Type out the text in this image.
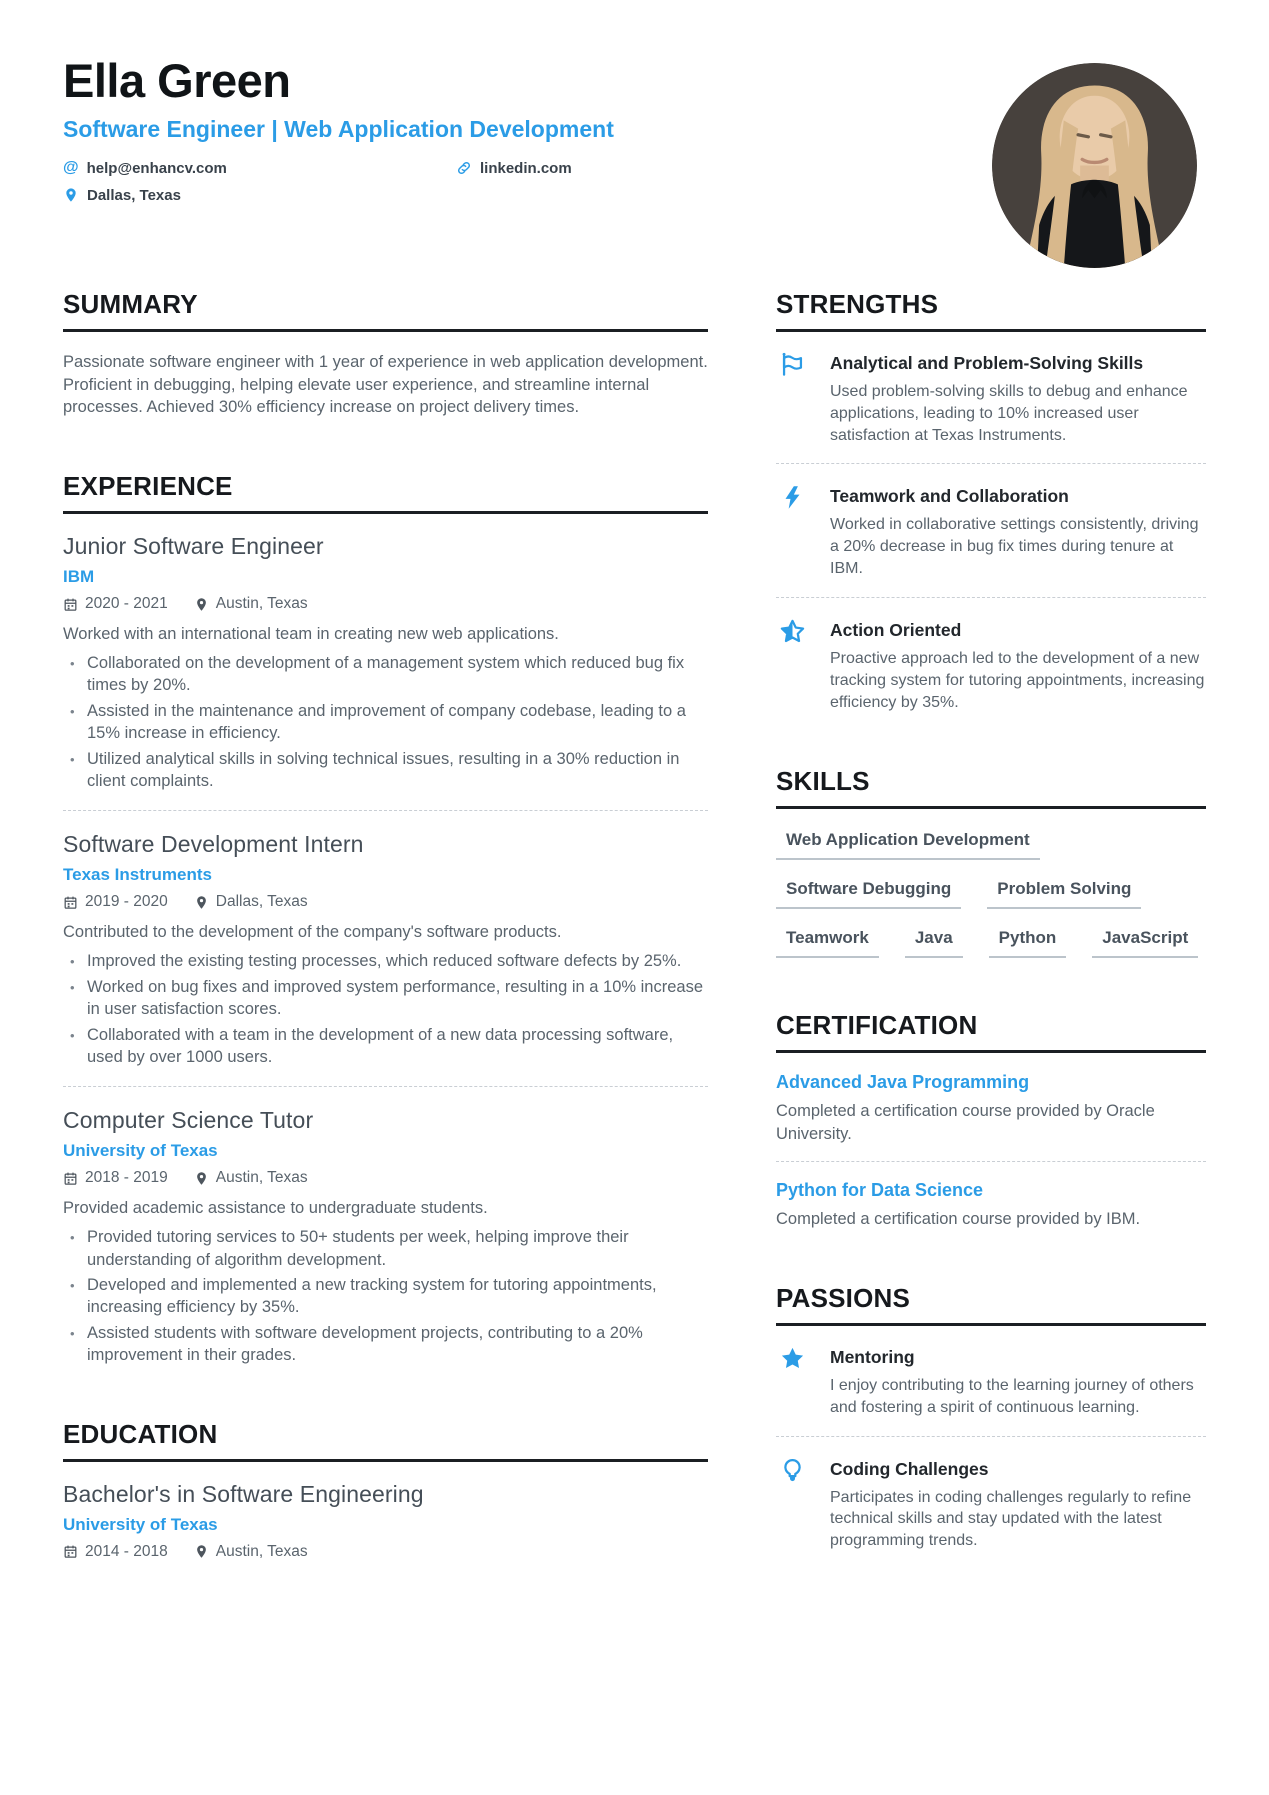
Ella Green
Software Engineer | Web Application Development
@ help@enhancv.com	linkedin.com
Dallas, Texas
SUMMARY

Passionate software engineer with 1 year of experience in web application development. Proficient in debugging, helping elevate user experience, and streamline internal processes. Achieved 30% efficiency increase on project delivery times.

EXPERIENCE
Junior Software Engineer
IBM
2020 - 2021	Austin, Texas

Worked with an international team in creating new web applications.

• Collaborated on the development of a management system which reduced bug fix times by 20%.
• Assisted in the maintenance and improvement of company codebase, leading to a 15% increase in efficiency.
• Utilized analytical skills in solving technical issues, resulting in a 30% reduction in client complaints.
Software Development Intern
Texas Instruments
2019 - 2020	Dallas, Texas

Contributed to the development of the company's software products.

• Improved the existing testing processes, which reduced software defects by 25%.
• Worked on bug fixes and improved system performance, resulting in a 10% increase in user satisfaction scores.
• Collaborated with a team in the development of a new data processing software, used by over 1000 users.
Computer Science Tutor
University of Texas
2018 - 2019	Austin, Texas

Provided academic assistance to undergraduate students.

• Provided tutoring services to 50+ students per week, helping improve their understanding of algorithm development.
• Developed and implemented a new tracking system for tutoring appointments, increasing efficiency by 35%.
• Assisted students with software development projects, contributing to a 20% improvement in their grades.
EDUCATION
Bachelor's in Software Engineering
University of Texas
2014 - 2018	Austin, Texas
STRENGTHS
Analytical and Problem-Solving Skills
Used problem-solving skills to debug and enhance applications, leading to 10% increased user satisfaction at Texas Instruments.
Teamwork and Collaboration
Worked in collaborative settings consistently, driving a 20% decrease in bug fix times during tenure at IBM.
Action Oriented
Proactive approach led to the development of a new tracking system for tutoring appointments, increasing efficiency by 35%.
SKILLS
Web Application Development
Software Debugging	Problem Solving
Teamwork	Java	Python	JavaScript
CERTIFICATION
Advanced Java Programming
Completed a certification course provided by Oracle University.
Python for Data Science
Completed a certification course provided by IBM.
PASSIONS
Mentoring
I enjoy contributing to the learning journey of others and fostering a spirit of continuous learning.
Coding Challenges
Participates in coding challenges regularly to refine technical skills and stay updated with the latest programming trends.
